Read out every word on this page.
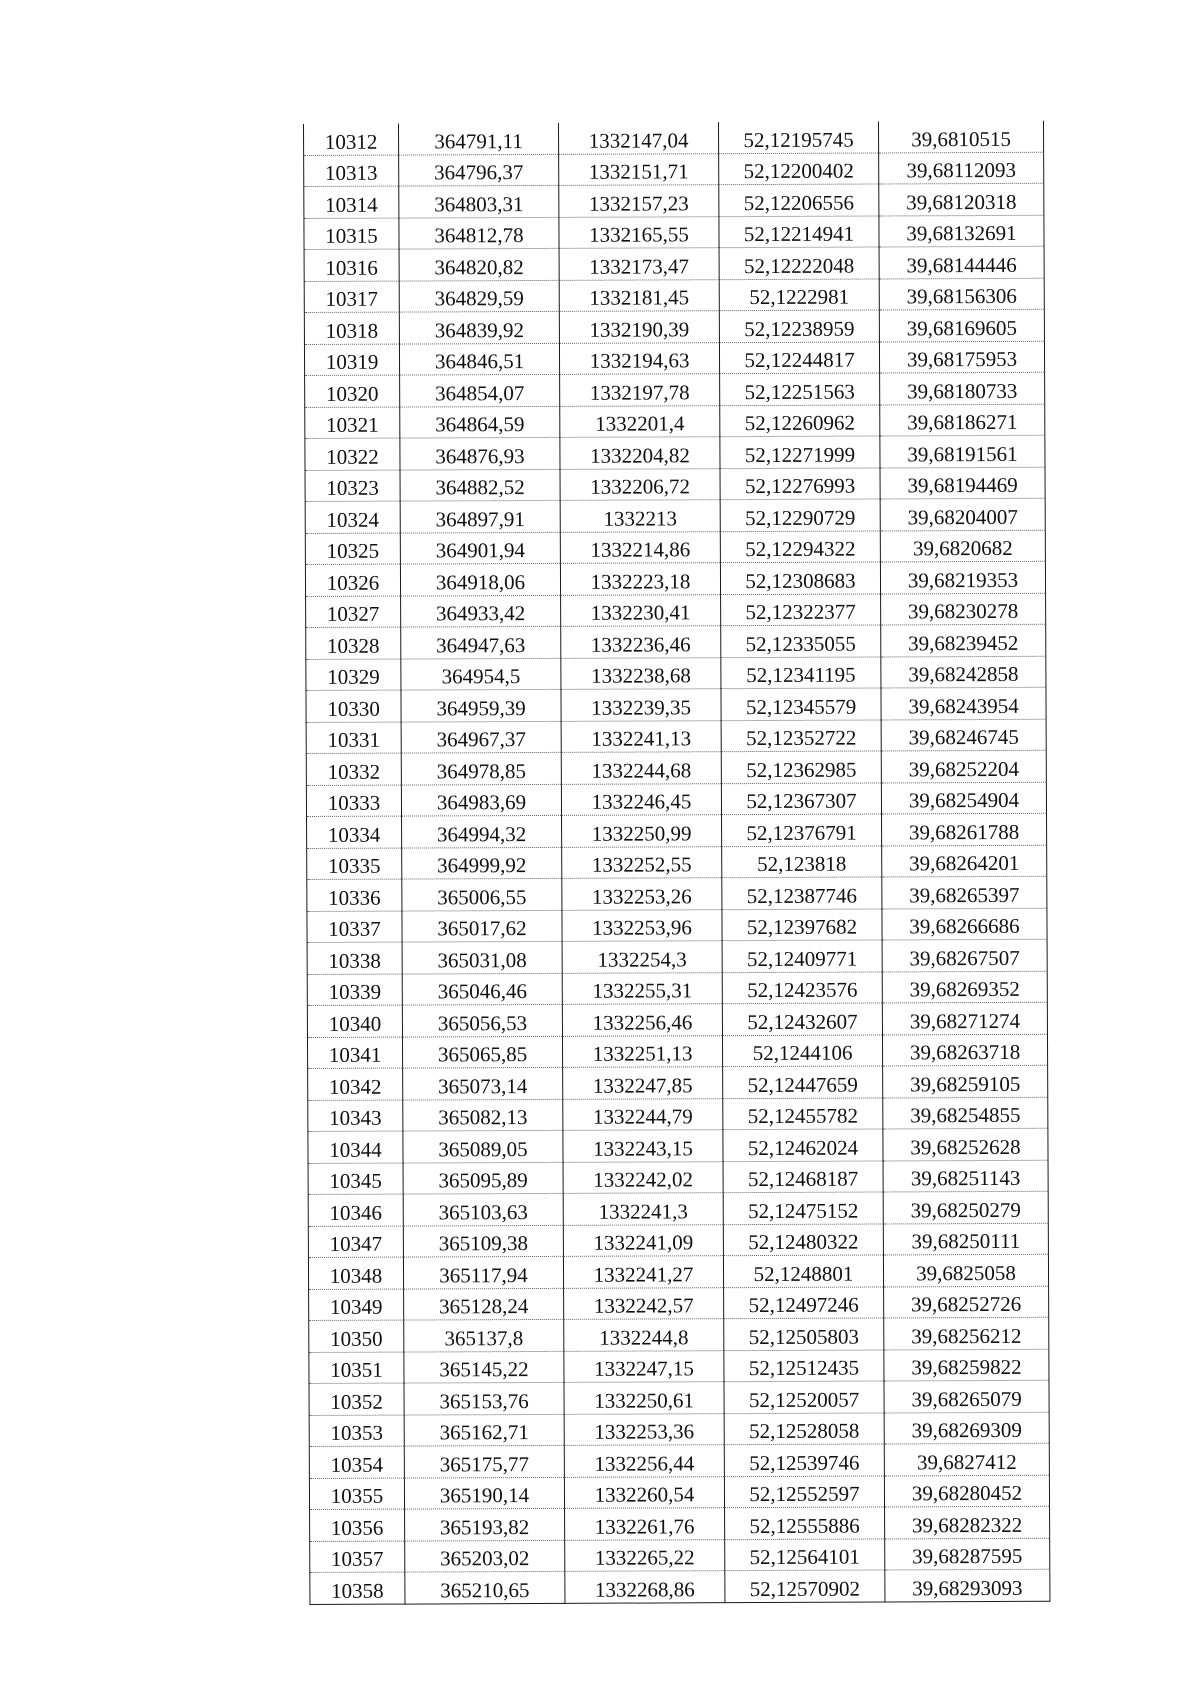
10312	364791,11	1332147,04	52,12195745	39,6810515
10313	364796,37	1332151,71	52,12200402	39,68112093
10314	364803,31	1332157,23	52,12206556	39,68120318
10315	364812,78	1332165,55	52,12214941	39,68132691
10316	364820,82	1332173,47	52,12222048	39,68144446
10317	364829,59	1332181,45	52,1222981	39,68156306
10318	364839,92	1332190,39	52,12238959	39,68169605
10319	364846,51	1332194,63	52,12244817	39,68175953
10320	364854,07	1332197,78	52,12251563	39,68180733
10321	364864,59	1332201,4	52,12260962	39,68186271
10322	364876,93	1332204,82	52,12271999	39,68191561
10323	364882,52	1332206,72	52,12276993	39,68194469
10324	364897,91	1332213	52,12290729	39,68204007
10325	364901,94	1332214,86	52,12294322	39,6820682
10326	364918,06	1332223,18	52,12308683	39,68219353
10327	364933,42	1332230,41	52,12322377	39,68230278
10328	364947,63	1332236,46	52,12335055	39,68239452
10329	364954,5	1332238,68	52,12341195	39,68242858
10330	364959,39	1332239,35	52,12345579	39,68243954
10331	364967,37	1332241,13	52,12352722	39,68246745
10332	364978,85	1332244,68	52,12362985	39,68252204
10333	364983,69	1332246,45	52,12367307	39,68254904
10334	364994,32	1332250,99	52,12376791	39,68261788
10335	364999,92	1332252,55	52,123818	39,68264201
10336	365006,55	1332253,26	52,12387746	39,68265397
10337	365017,62	1332253,96	52,12397682	39,68266686
10338	365031,08	1332254,3	52,12409771	39,68267507
10339	365046,46	1332255,31	52,12423576	39,68269352
10340	365056,53	1332256,46	52,12432607	39,68271274
10341	365065,85	1332251,13	52,1244106	39,68263718
10342	365073,14	1332247,85	52,12447659	39,68259105
10343	365082,13	1332244,79	52,12455782	39,68254855
10344	365089,05	1332243,15	52,12462024	39,68252628
10345	365095,89	1332242,02	52,12468187	39,68251143
10346	365103,63	1332241,3	52,12475152	39,68250279
10347	365109,38	1332241,09	52,12480322	39,68250111
10348	365117,94	1332241,27	52,1248801	39,6825058
10349	365128,24	1332242,57	52,12497246	39,68252726
10350	365137,8	1332244,8	52,12505803	39,68256212
10351	365145,22	1332247,15	52,12512435	39,68259822
10352	365153,76	1332250,61	52,12520057	39,68265079
10353	365162,71	1332253,36	52,12528058	39,68269309
10354	365175,77	1332256,44	52,12539746	39,6827412
10355	365190,14	1332260,54	52,12552597	39,68280452
10356	365193,82	1332261,76	52,12555886	39,68282322
10357	365203,02	1332265,22	52,12564101	39,68287595
10358	365210,65	1332268,86	52,12570902	39,68293093
